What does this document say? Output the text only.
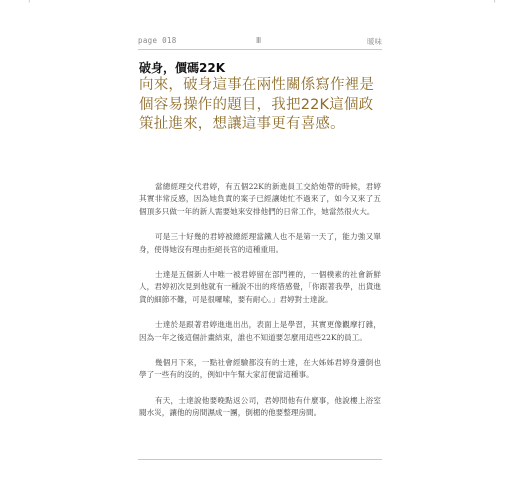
'	'
page 018	Ⅲ	暖味
破身，價碼22K
向來，破身這事在兩性關係寫作裡是個容易操作的題目，我把22K這個政策扯進來，想讓這事更有喜感。

當總經理交代君婷，有五個22K的新進員工交給她帶的時候，君婷其實非常反感，因為她負責的案子已經讓她忙不過來了，如今又來了五個頂多只做一年的新人需要她來安排他們的日常工作，她當然很火大。

可是三十好幾的君婷被總經理當鐵人也不是第一天了，能力強又單身，使得她沒有理由拒絕長官的這種重用。

士達是五個新人中唯一被君婷留在部門裡的，一個樸素的社會新鮮人，君婷初次見到他就有一種說不出的疼惜感覺，「你跟著我學，出貨進貨的細節不難，可是很囉嗦，要有耐心。」君婷對士達說。

士達於是跟著君婷進進出出，表面上是學習，其實更像觀摩打雜，因為一年之後這個計畫結束，誰也不知道要怎麼用這些22K的員工。

幾個月下來，一點社會經驗都沒有的士達，在大姊姊君婷身邊倒也學了一些有的沒的，例如中午幫大家訂便當這種事。

有天，士達說他要晚點返公司，君婷問他有什麼事，他說樓上浴室閥水災，讓他的房間濕成一團，倒楣的他要整理房間。
